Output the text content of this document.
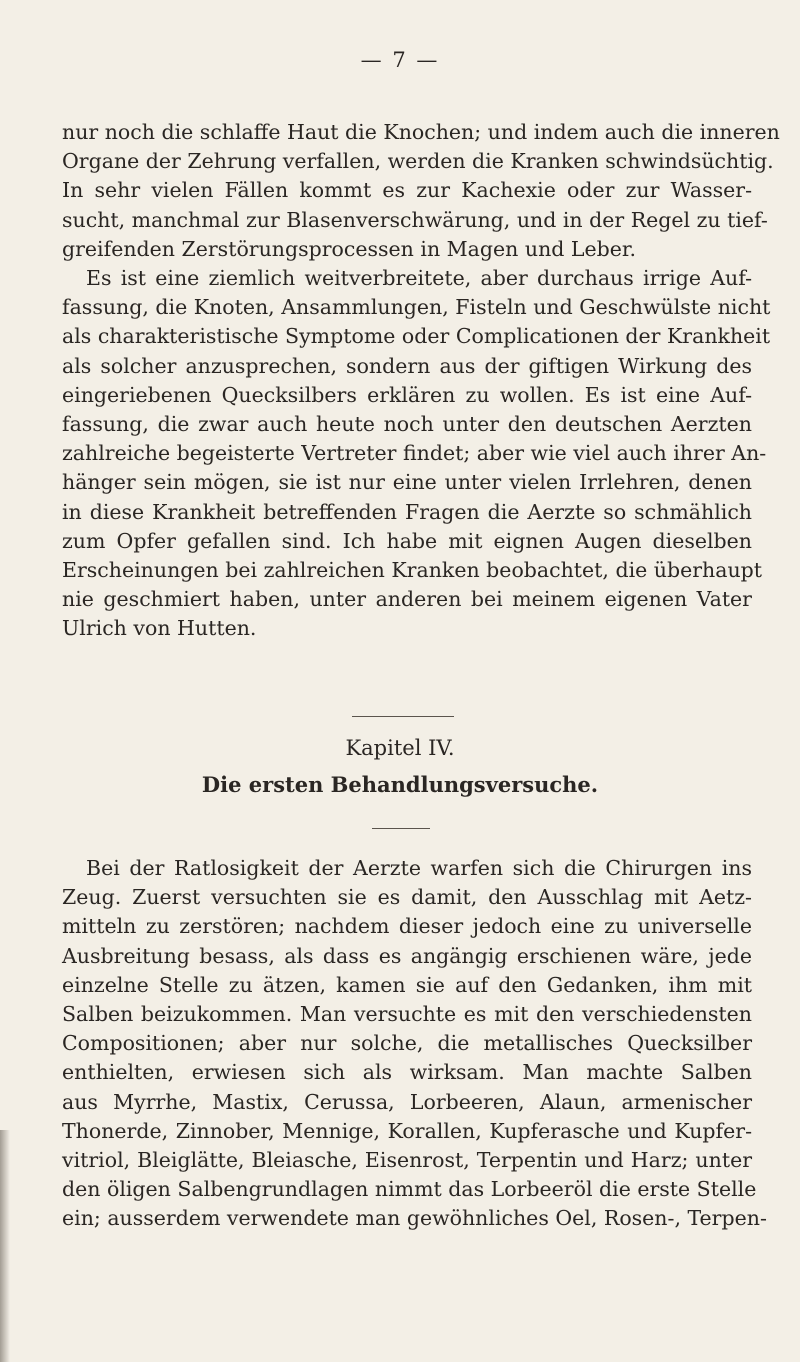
— 7 —
nur noch die schlaffe Haut die Knochen; und indem auch die inneren
Organe der Zehrung verfallen, werden die Kranken schwindsüchtig.
In sehr vielen Fällen kommt es zur Kachexie oder zur Wasser-
sucht, manchmal zur Blasenverschwärung, und in der Regel zu tief-
greifenden Zerstörungsprocessen in Magen und Leber.
Es ist eine ziemlich weitverbreitete, aber durchaus irrige Auf-
fassung, die Knoten, Ansammlungen, Fisteln und Geschwülste nicht
als charakteristische Symptome oder Complicationen der Krankheit
als solcher anzusprechen, sondern aus der giftigen Wirkung des
eingeriebenen Quecksilbers erklären zu wollen. Es ist eine Auf-
fassung, die zwar auch heute noch unter den deutschen Aerzten
zahlreiche begeisterte Vertreter findet; aber wie viel auch ihrer An-
hänger sein mögen, sie ist nur eine unter vielen Irrlehren, denen
in diese Krankheit betreffenden Fragen die Aerzte so schmählich
zum Opfer gefallen sind. Ich habe mit eignen Augen dieselben
Erscheinungen bei zahlreichen Kranken beobachtet, die überhaupt
nie geschmiert haben, unter anderen bei meinem eigenen Vater
Ulrich von Hutten.
Kapitel IV.
Die ersten Behandlungsversuche.
Bei der Ratlosigkeit der Aerzte warfen sich die Chirurgen ins
Zeug. Zuerst versuchten sie es damit, den Ausschlag mit Aetz-
mitteln zu zerstören; nachdem dieser jedoch eine zu universelle
Ausbreitung besass, als dass es angängig erschienen wäre, jede
einzelne Stelle zu ätzen, kamen sie auf den Gedanken, ihm mit
Salben beizukommen. Man versuchte es mit den verschiedensten
Compositionen; aber nur solche, die metallisches Quecksilber
enthielten, erwiesen sich als wirksam. Man machte Salben
aus Myrrhe, Mastix, Cerussa, Lorbeeren, Alaun, armenischer
Thonerde, Zinnober, Mennige, Korallen, Kupferasche und Kupfer-
vitriol, Bleiglätte, Bleiasche, Eisenrost, Terpentin und Harz; unter
den öligen Salbengrundlagen nimmt das Lorbeeröl die erste Stelle
ein; ausserdem verwendete man gewöhnliches Oel, Rosen-, Terpen-
